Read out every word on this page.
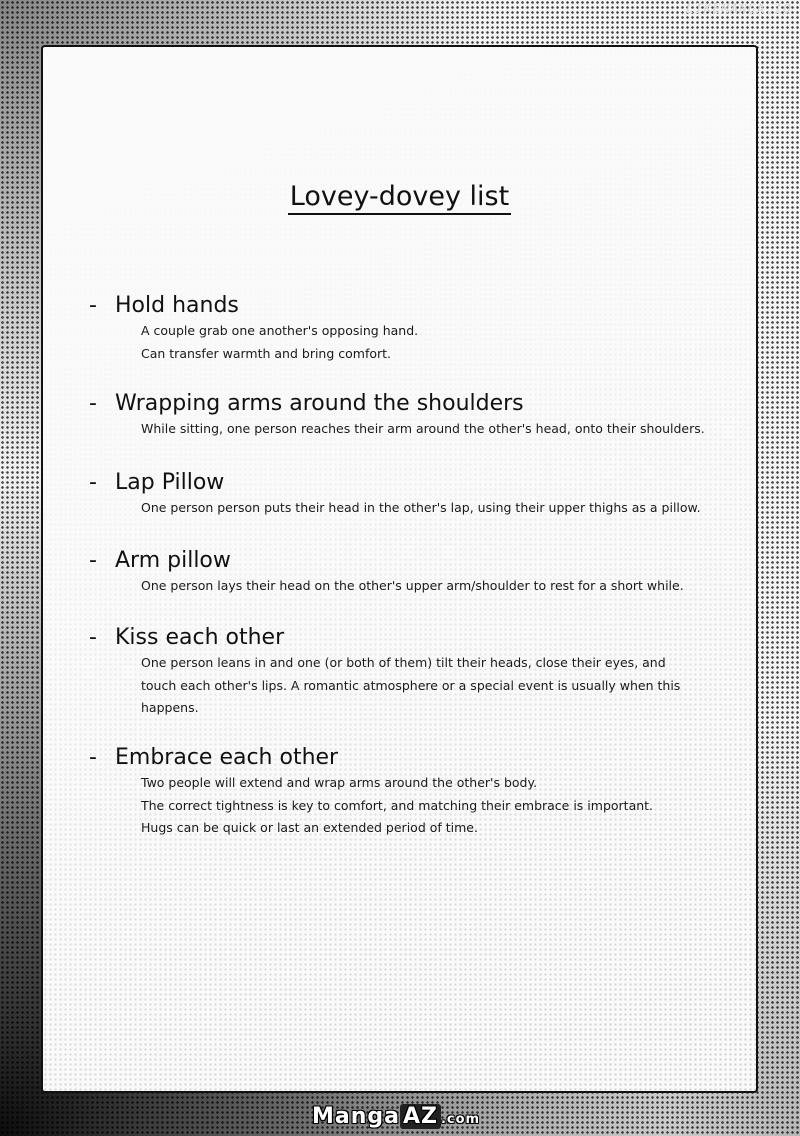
LIKEMANGA.IO
Lovey-dovey list
- Hold hands
A couple grab one another's opposing hand.
Can transfer warmth and bring comfort.
- Wrapping arms around the shoulders
While sitting, one person reaches their arm around the other's head, onto their shoulders.
- Lap Pillow
One person person puts their head in the other's lap, using their upper thighs as a pillow.
- Arm pillow
One person lays their head on the other's upper arm/shoulder to rest for a short while.
- Kiss each other
One person leans in and one (or both of them) tilt their heads, close their eyes, and
touch each other's lips. A romantic atmosphere or a special event is usually when this
happens.
- Embrace each other
Two people will extend and wrap arms around the other's body.
The correct tightness is key to comfort, and matching their embrace is important.
Hugs can be quick or last an extended period of time.
Manga AZ .com
